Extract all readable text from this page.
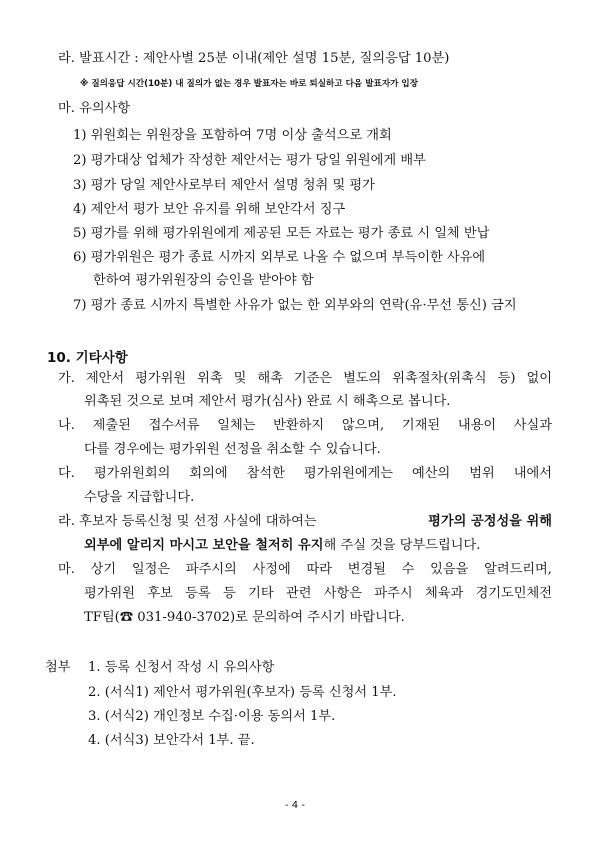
라. 발표시간 : 제안사별 25분 이내(제안 설명 15분, 질의응답 10분)
※ 질의응답 시간(10분) 내 질의가 없는 경우 발표자는 바로 퇴실하고 다음 발표자가 입장
마. 유의사항
1) 위원회는 위원장을 포함하여 7명 이상 출석으로 개회
2) 평가대상 업체가 작성한 제안서는 평가 당일 위원에게 배부
3) 평가 당일 제안사로부터 제안서 설명 청취 및 평가
4) 제안서 평가 보안 유지를 위해 보안각서 징구
5) 평가를 위해 평가위원에게 제공된 모든 자료는 평가 종료 시 일체 반납
6) 평가위원은 평가 종료 시까지 외부로 나올 수 없으며 부득이한 사유에
한하여 평가위원장의 승인을 받아야 함
7) 평가 종료 시까지 특별한 사유가 없는 한 외부와의 연락(유·무선 통신) 금지
10. 기타사항
가. 제안서 평가위원 위촉 및 해촉 기준은 별도의 위촉절차(위촉식 등) 없이
위촉된 것으로 보며 제안서 평가(심사) 완료 시 해촉으로 봅니다.
나. 제출된 접수서류 일체는 반환하지 않으며, 기재된 내용이 사실과
다를 경우에는 평가위원 선정을 취소할 수 있습니다.
다. 평가위원회의 회의에 참석한 평가위원에게는 예산의 범위 내에서
수당을 지급합니다.
라. 후보자 등록신청 및 선정 사실에 대하여는	평가의 공정성을 위해
외부에 알리지 마시고 보안을 철저히 유지해 주실 것을 당부드립니다.
마. 상기 일정은 파주시의 사정에 따라 변경될 수 있음을 알려드리며,
평가위원 후보 등록 등 기타 관련 사항은 파주시 체육과 경기도민체전
TF팀(☎ 031-940-3702)로 문의하여 주시기 바랍니다.
첨부 1. 등록 신청서 작성 시 유의사항
2. (서식1) 제안서 평가위원(후보자) 등록 신청서 1부.
3. (서식2) 개인정보 수집·이용 동의서 1부.
4. (서식3) 보안각서 1부. 끝.
- 4 -
